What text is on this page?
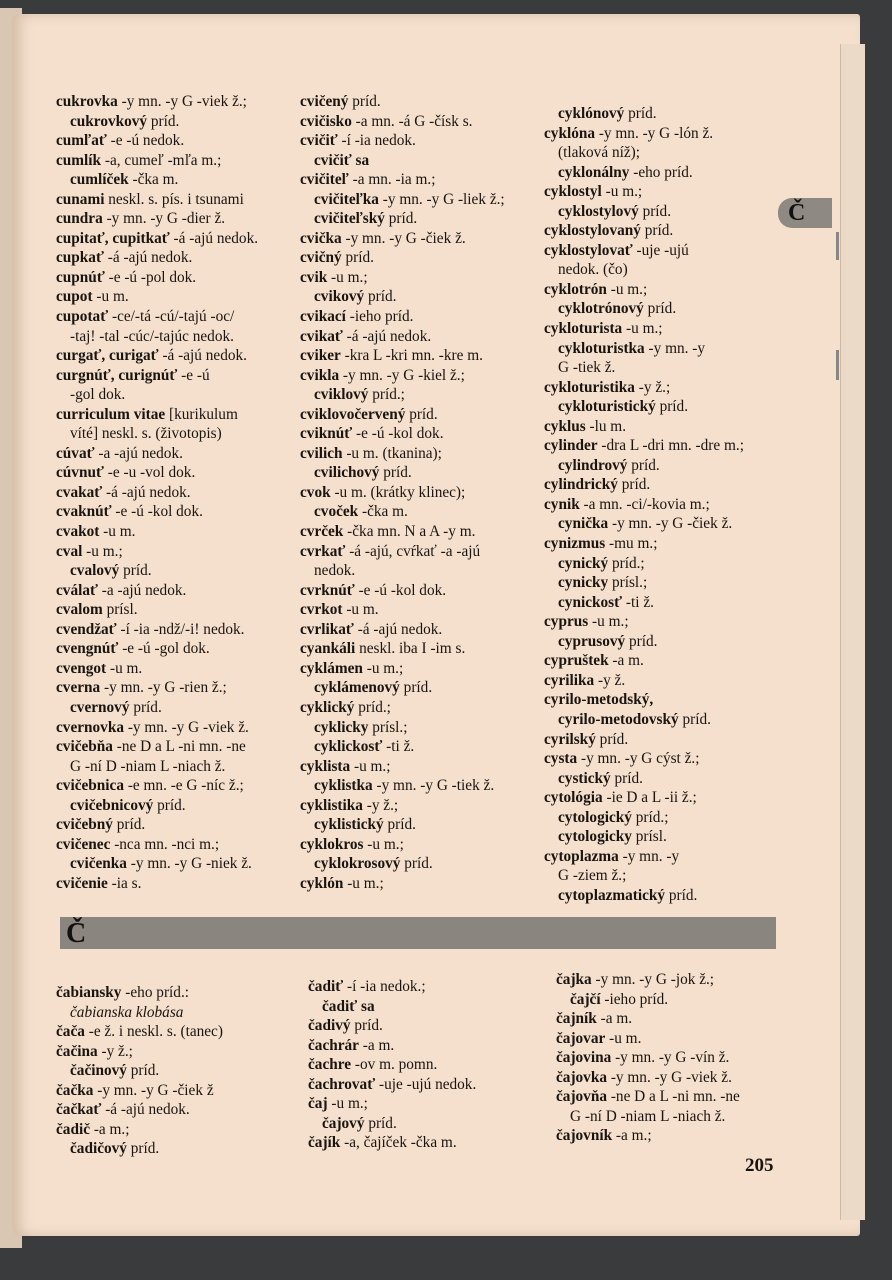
Č
cukrovka -y mn. -y G -viek ž.;
cukrovkový príd.
cumľať -e -ú nedok.
cumlík -a, cumeľ -mľa m.;
cumlíček -čka m.
cunami neskl. s. pís. i tsunami
cundra -y mn. -y G -dier ž.
cupitať, cupitkať -á -ajú nedok.
cupkať -á -ajú nedok.
cupnúť -e -ú -pol dok.
cupot -u m.
cupotať -ce/-tá -cú/-tajú -oc/
-taj! -tal -cúc/-tajúc nedok.
curgať, curigať -á -ajú nedok.
curgnúť, curignúť -e -ú
-gol dok.
curriculum vitae [kurikulum
víté] neskl. s. (životopis)
cúvať -a -ajú nedok.
cúvnuť -e -u -vol dok.
cvakať -á -ajú nedok.
cvaknúť -e -ú -kol dok.
cvakot -u m.
cval -u m.;
cvalový príd.
cválať -a -ajú nedok.
cvalom prísl.
cvendžať -í -ia -ndž/-i! nedok.
cvengnúť -e -ú -gol dok.
cvengot -u m.
cverna -y mn. -y G -rien ž.;
cvernový príd.
cvernovka -y mn. -y G -viek ž.
cvičebňa -ne D a L -ni mn. -ne
G -ní D -niam L -niach ž.
cvičebnica -e mn. -e G -níc ž.;
cvičebnicový príd.
cvičebný príd.
cvičenec -nca mn. -nci m.;
cvičenka -y mn. -y G -niek ž.
cvičenie -ia s.
cvičený príd.
cvičisko -a mn. -á G -čísk s.
cvičiť -í -ia nedok.
cvičiť sa
cvičiteľ -a mn. -ia m.;
cvičiteľka -y mn. -y G -liek ž.;
cvičiteľský príd.
cvička -y mn. -y G -čiek ž.
cvičný príd.
cvik -u m.;
cvikový príd.
cvikací -ieho príd.
cvikať -á -ajú nedok.
cviker -kra L -kri mn. -kre m.
cvikla -y mn. -y G -kiel ž.;
cviklový príd.;
cviklovočervený príd.
cviknúť -e -ú -kol dok.
cvilich -u m. (tkanina);
cvilichový príd.
cvok -u m. (krátky klinec);
cvoček -čka m.
cvrček -čka mn. N a A -y m.
cvrkať -á -ajú, cvŕkať -a -ajú
nedok.
cvrknúť -e -ú -kol dok.
cvrkot -u m.
cvrlikať -á -ajú nedok.
cyankáli neskl. iba I -im s.
cyklámen -u m.;
cyklámenový príd.
cyklický príd.;
cyklicky prísl.;
cyklickosť -ti ž.
cyklista -u m.;
cyklistka -y mn. -y G -tiek ž.
cyklistika -y ž.;
cyklistický príd.
cyklokros -u m.;
cyklokrosový príd.
cyklón -u m.;
cyklónový príd.
cyklóna -y mn. -y G -lón ž.
(tlaková níž);
cyklonálny -eho príd.
cyklostyl -u m.;
cyklostylový príd.
cyklostylovaný príd.
cyklostylovať -uje -ujú
nedok. (čo)
cyklotrón -u m.;
cyklotrónový príd.
cykloturista -u m.;
cykloturistka -y mn. -y
G -tiek ž.
cykloturistika -y ž.;
cykloturistický príd.
cyklus -lu m.
cylinder -dra L -dri mn. -dre m.;
cylindrový príd.
cylindrický príd.
cynik -a mn. -ci/-kovia m.;
cynička -y mn. -y G -čiek ž.
cynizmus -mu m.;
cynický príd.;
cynicky prísl.;
cynickosť -ti ž.
cyprus -u m.;
cyprusový príd.
cypruštek -a m.
cyrilika -y ž.
cyrilo-metodský,
cyrilo-metodovský príd.
cyrilský príd.
cysta -y mn. -y G cýst ž.;
cystický príd.
cytológia -ie D a L -ii ž.;
cytologický príd.;
cytologicky prísl.
cytoplazma -y mn. -y
G -ziem ž.;
cytoplazmatický príd.
Č
čabiansky -eho príd.:
čabianska klobása
čača -e ž. i neskl. s. (tanec)
čačina -y ž.;
čačinový príd.
čačka -y mn. -y G -čiek ž
čačkať -á -ajú nedok.
čadič -a m.;
čadičový príd.
čadiť -í -ia nedok.;
čadiť sa
čadivý príd.
čachrár -a m.
čachre -ov m. pomn.
čachrovať -uje -ujú nedok.
čaj -u m.;
čajový príd.
čajík -a, čajíček -čka m.
čajka -y mn. -y G -jok ž.;
čajčí -ieho príd.
čajník -a m.
čajovar -u m.
čajovina -y mn. -y G -vín ž.
čajovka -y mn. -y G -viek ž.
čajovňa -ne D a L -ni mn. -ne
G -ní D -niam L -niach ž.
čajovník -a m.;
205
